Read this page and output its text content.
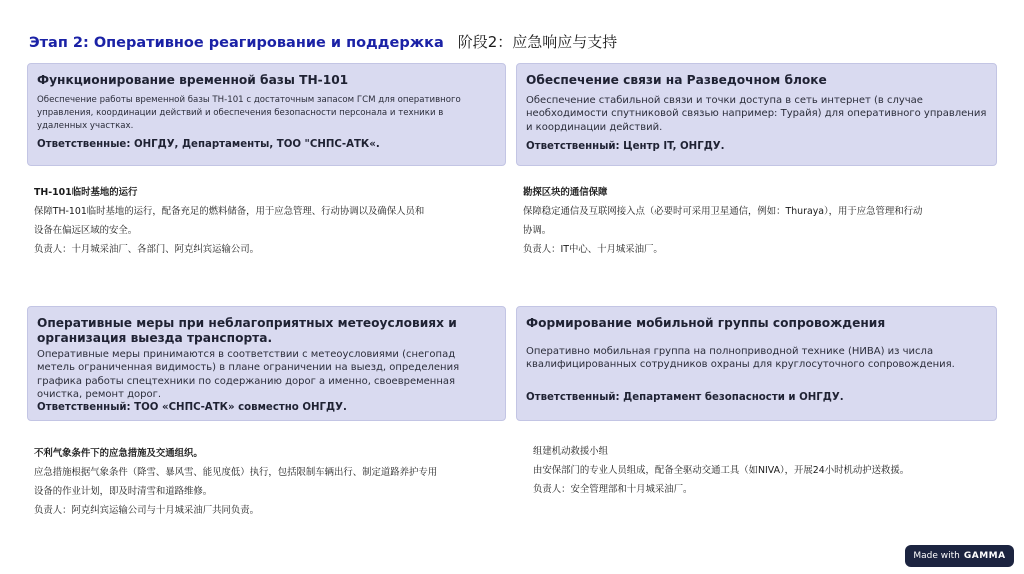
Этап 2: Оперативное реагирование и поддержка 阶段2：应急响应与支持
Функционирование временной базы TH-101
Обеспечение работы временной базы TH-101 с достаточным запасом ГСМ для оперативного управления, координации действий и обеспечения безопасности персонала и техники в удаленных участках.
Ответственные: ОНГДУ, Департаменты, ТОО "СНПС-АТК«.
Обеспечение связи на Разведочном блоке
Обеспечение стабильной связи и точки доступа в сеть интернет (в случае необходимости спутниковой связью например: Турайя) для оперативного управления и координации действий.
Ответственный: Центр IT, ОНГДУ.
TH-101临时基地的运行
保障TH-101临时基地的运行，配备充足的燃料储备，用于应急管理、行动协调以及确保人员和
设备在偏远区域的安全。
负责人：十月城采油厂、各部门、阿克纠宾运输公司。
勘探区块的通信保障
保障稳定通信及互联网接入点（必要时可采用卫星通信，例如：Thuraya），用于应急管理和行动
协调。
负责人：IT中心、十月城采油厂。
Оперативные меры при неблагоприятных метеоусловиях и организация выезда транспорта.
Оперативные меры принимаются в соответствии с метеоусловиями (снегопад метель ограниченная видимость) в плане ограничении на выезд, определения графика работы спецтехники по содержанию дорог а именно, своевременная очистка, ремонт дорог.
Ответственный: ТОО «СНПС-АТК» совместно ОНГДУ.
Формирование мобильной группы сопровождения
Оперативно мобильная группа на полноприводной технике (НИВА) из числа квалифицированных сотрудников охраны для круглосуточного сопровождения.
Ответственный: Департамент безопасности и ОНГДУ.
不利气象条件下的应急措施及交通组织。
应急措施根据气象条件（降雪、暴风雪、能见度低）执行，包括限制车辆出行、制定道路养护专用
设备的作业计划，即及时清雪和道路维修。
负责人：阿克纠宾运输公司与十月城采油厂共同负责。
组建机动救援小组
由安保部门的专业人员组成，配备全驱动交通工具（如NIVA），开展24小时机动护送救援。
负责人：安全管理部和十月城采油厂。
Made with GAMMA
